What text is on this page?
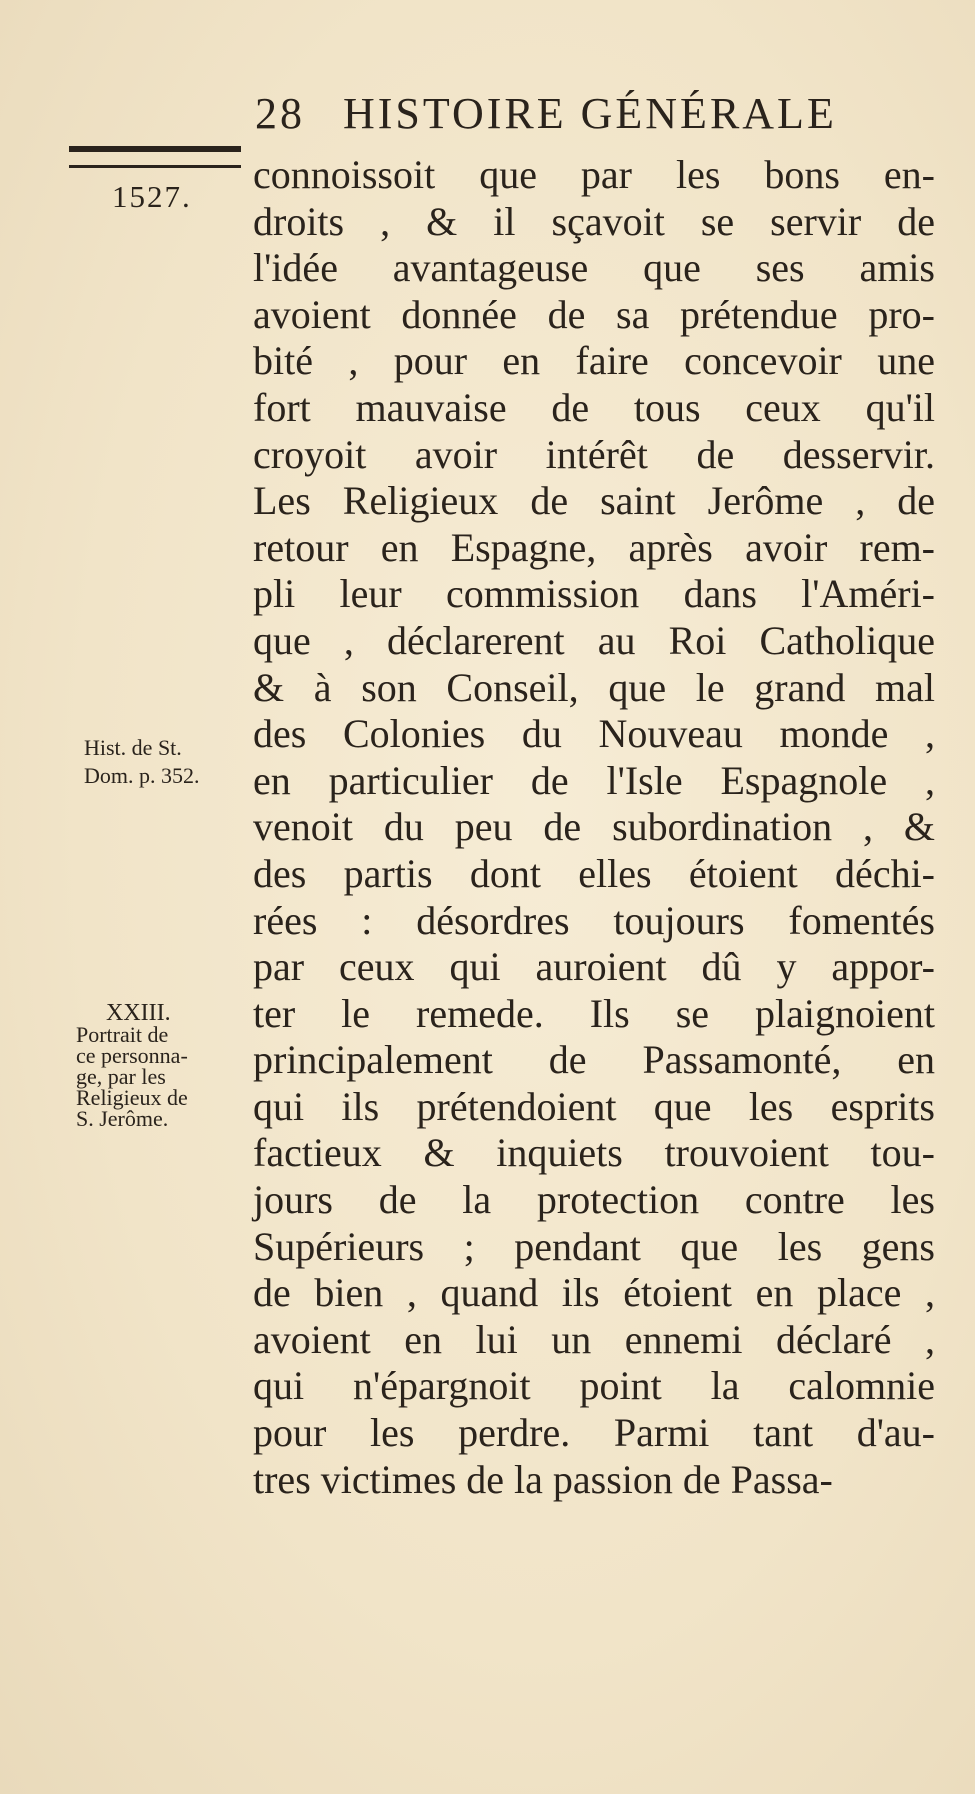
28 HISTOIRE GÉNÉRALE
1527.
Hist. de St.
Dom. p. 352.
XXIII.
Portrait de
ce personna-
ge, par les
Religieux de
S. Jerôme.
connoissoit que par les bons en-
droits , & il sçavoit se servir de
l'idée avantageuse que ses amis
avoient donnée de sa prétendue pro-
bité , pour en faire concevoir une
fort mauvaise de tous ceux qu'il
croyoit avoir intérêt de desservir.
Les Religieux de saint Jerôme , de
retour en Espagne, après avoir rem-
pli leur commission dans l'Améri-
que , déclarerent au Roi Catholique
& à son Conseil, que le grand mal
des Colonies du Nouveau monde ,
en particulier de l'Isle Espagnole ,
venoit du peu de subordination , &
des partis dont elles étoient déchi-
rées : désordres toujours fomentés
par ceux qui auroient dû y appor-
ter le remede. Ils se plaignoient
principalement de Passamonté, en
qui ils prétendoient que les esprits
factieux & inquiets trouvoient tou-
jours de la protection contre les
Supérieurs ; pendant que les gens
de bien , quand ils étoient en place ,
avoient en lui un ennemi déclaré ,
qui n'épargnoit point la calomnie
pour les perdre. Parmi tant d'au-
tres victimes de la passion de Passa-
